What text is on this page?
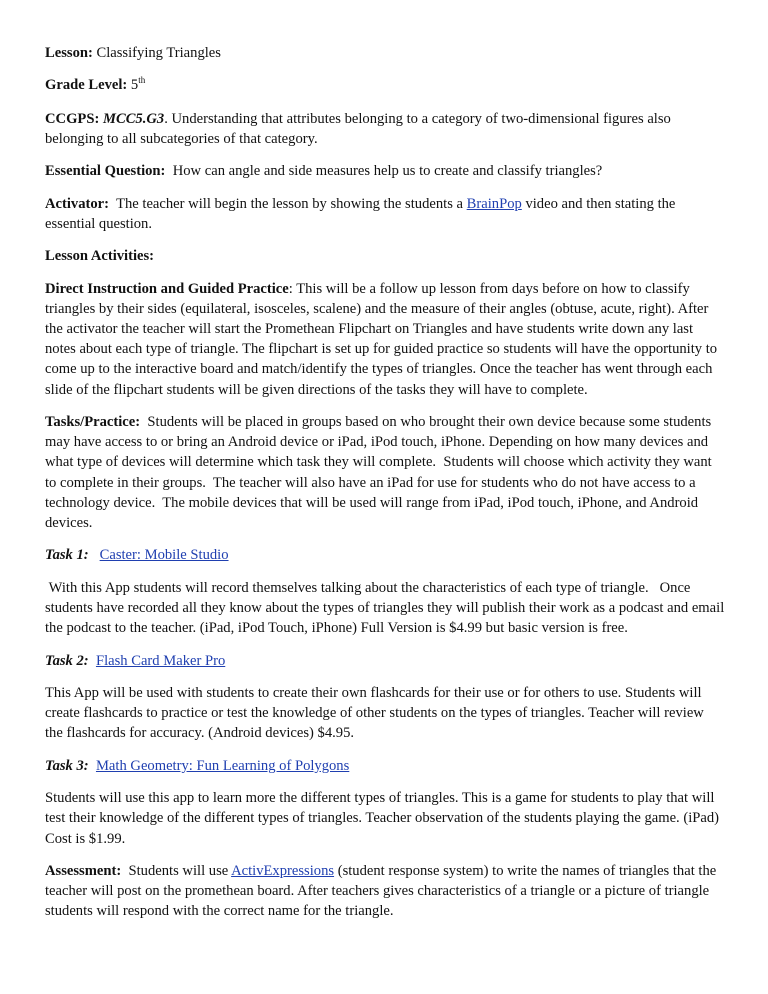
Lesson: Classifying Triangles

Grade Level: 5th

CCGPS: MCC5.G3. Understanding that attributes belonging to a category of two-dimensional figures also belonging to all subcategories of that category.

Essential Question:  How can angle and side measures help us to create and classify triangles?

Activator:  The teacher will begin the lesson by showing the students a BrainPop video and then stating the essential question.

Lesson Activities:

Direct Instruction and Guided Practice: This will be a follow up lesson from days before on how to classify triangles by their sides (equilateral, isosceles, scalene) and the measure of their angles (obtuse, acute, right). After the activator the teacher will start the Promethean Flipchart on Triangles and have students write down any last notes about each type of triangle. The flipchart is set up for guided practice so students will have the opportunity to come up to the interactive board and match/identify the types of triangles. Once the teacher has went through each slide of the flipchart students will be given directions of the tasks they will have to complete.

Tasks/Practice:  Students will be placed in groups based on who brought their own device because some students may have access to or bring an Android device or iPad, iPod touch, iPhone. Depending on how many devices and what type of devices will determine which task they will complete.  Students will choose which activity they want to complete in their groups.  The teacher will also have an iPad for use for students who do not have access to a technology device.  The mobile devices that will be used will range from iPad, iPod touch, iPhone, and Android devices.

Task 1: Caster: Mobile Studio

With this App students will record themselves talking about the characteristics of each type of triangle.   Once students have recorded all they know about the types of triangles they will publish their work as a podcast and email the podcast to the teacher. (iPad, iPod Touch, iPhone) Full Version is $4.99 but basic version is free.

Task 2: Flash Card Maker Pro

This App will be used with students to create their own flashcards for their use or for others to use. Students will create flashcards to practice or test the knowledge of other students on the types of triangles. Teacher will review the flashcards for accuracy. (Android devices) $4.95.

Task 3: Math Geometry: Fun Learning of Polygons

Students will use this app to learn more the different types of triangles. This is a game for students to play that will test their knowledge of the different types of triangles. Teacher observation of the students playing the game. (iPad) Cost is $1.99.

Assessment:  Students will use ActivExpressions (student response system) to write the names of triangles that the teacher will post on the promethean board. After teachers gives characteristics of a triangle or a picture of triangle students will respond with the correct name for the triangle.
